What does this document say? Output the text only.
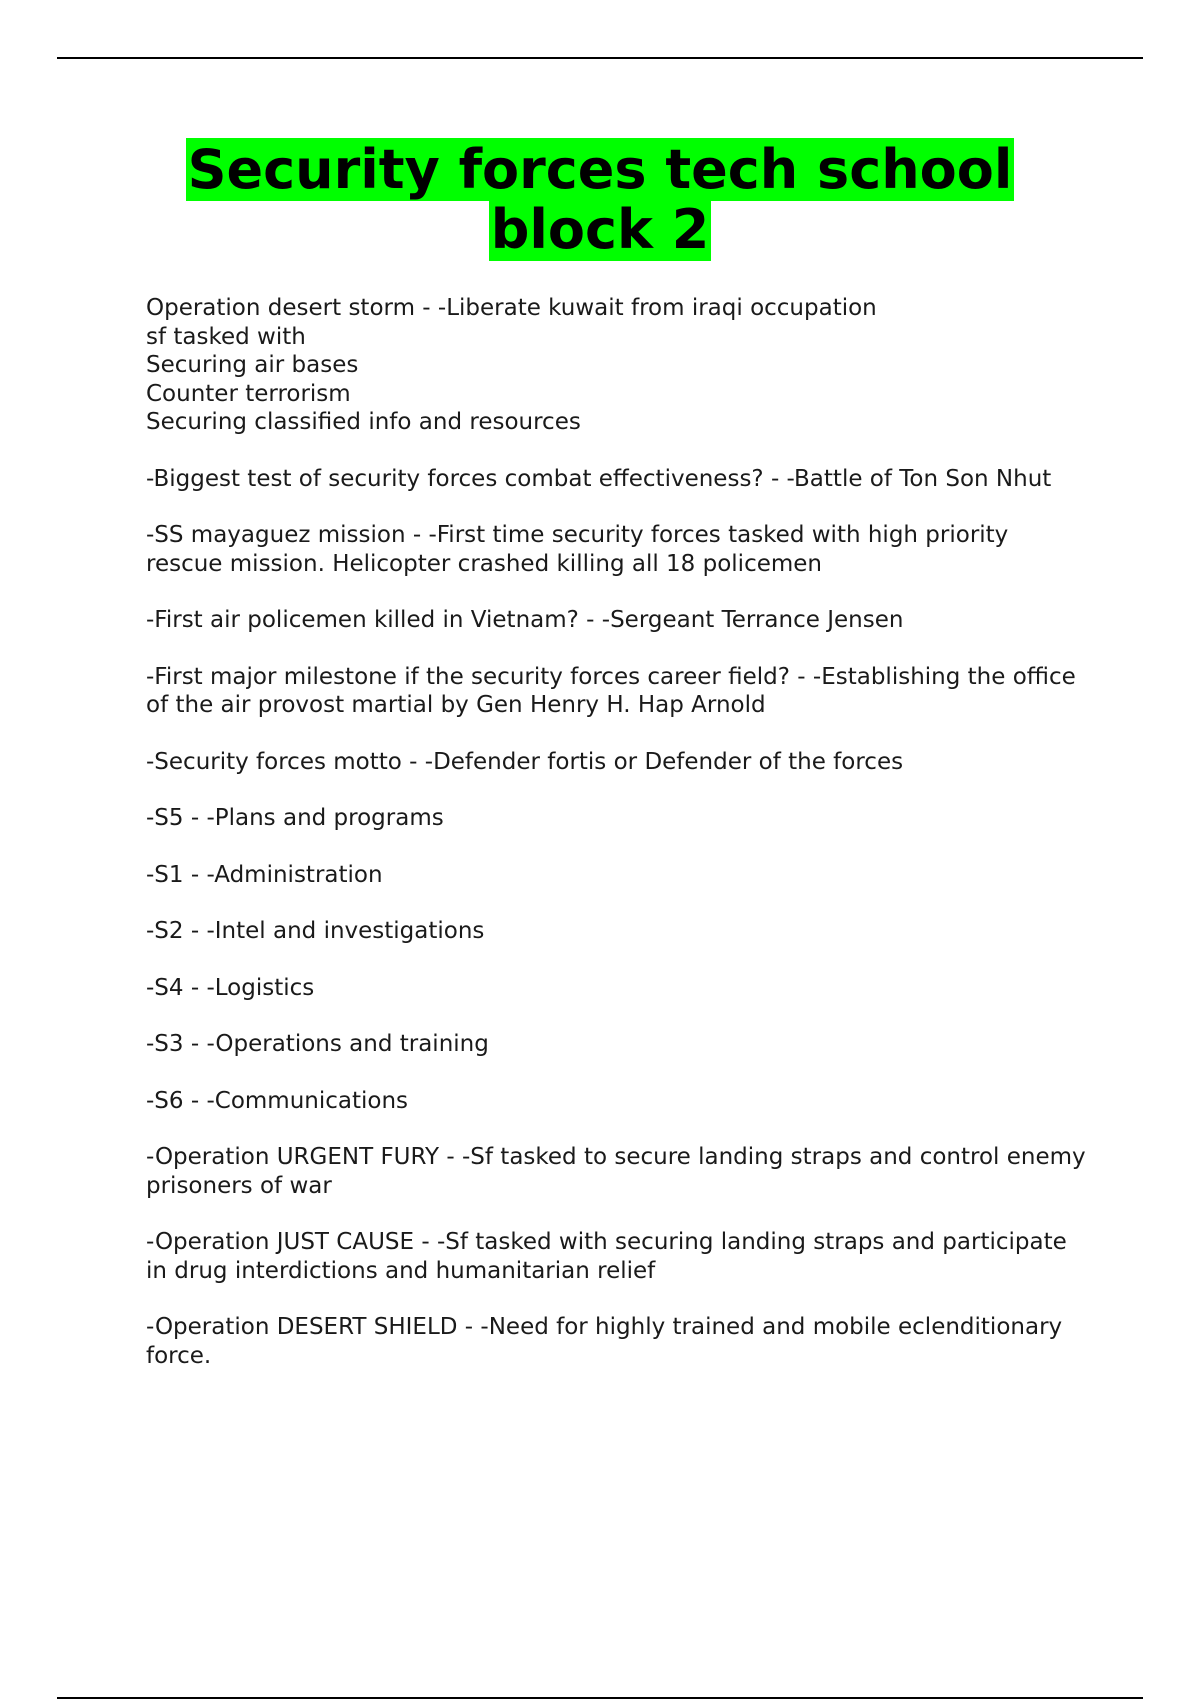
Security forces tech school block 2

Operation desert storm - -Liberate kuwait from iraqi occupation
sf tasked with
Securing air bases
Counter terrorism
Securing classified info and resources

-Biggest test of security forces combat effectiveness? - -Battle of Ton Son Nhut

-SS mayaguez mission - -First time security forces tasked with high priority rescue mission. Helicopter crashed killing all 18 policemen

-First air policemen killed in Vietnam? - -Sergeant Terrance Jensen

-First major milestone if the security forces career field? - -Establishing the office of the air provost martial by Gen Henry H. Hap Arnold

-Security forces motto - -Defender fortis or Defender of the forces

-S5 - -Plans and programs

-S1 - -Administration

-S2 - -Intel and investigations

-S4 - -Logistics

-S3 - -Operations and training

-S6 - -Communications

-Operation URGENT FURY - -Sf tasked to secure landing straps and control enemy prisoners of war

-Operation JUST CAUSE - -Sf tasked with securing landing straps and participate in drug interdictions and humanitarian relief

-Operation DESERT SHIELD - -Need for highly trained and mobile eclenditionary force.
